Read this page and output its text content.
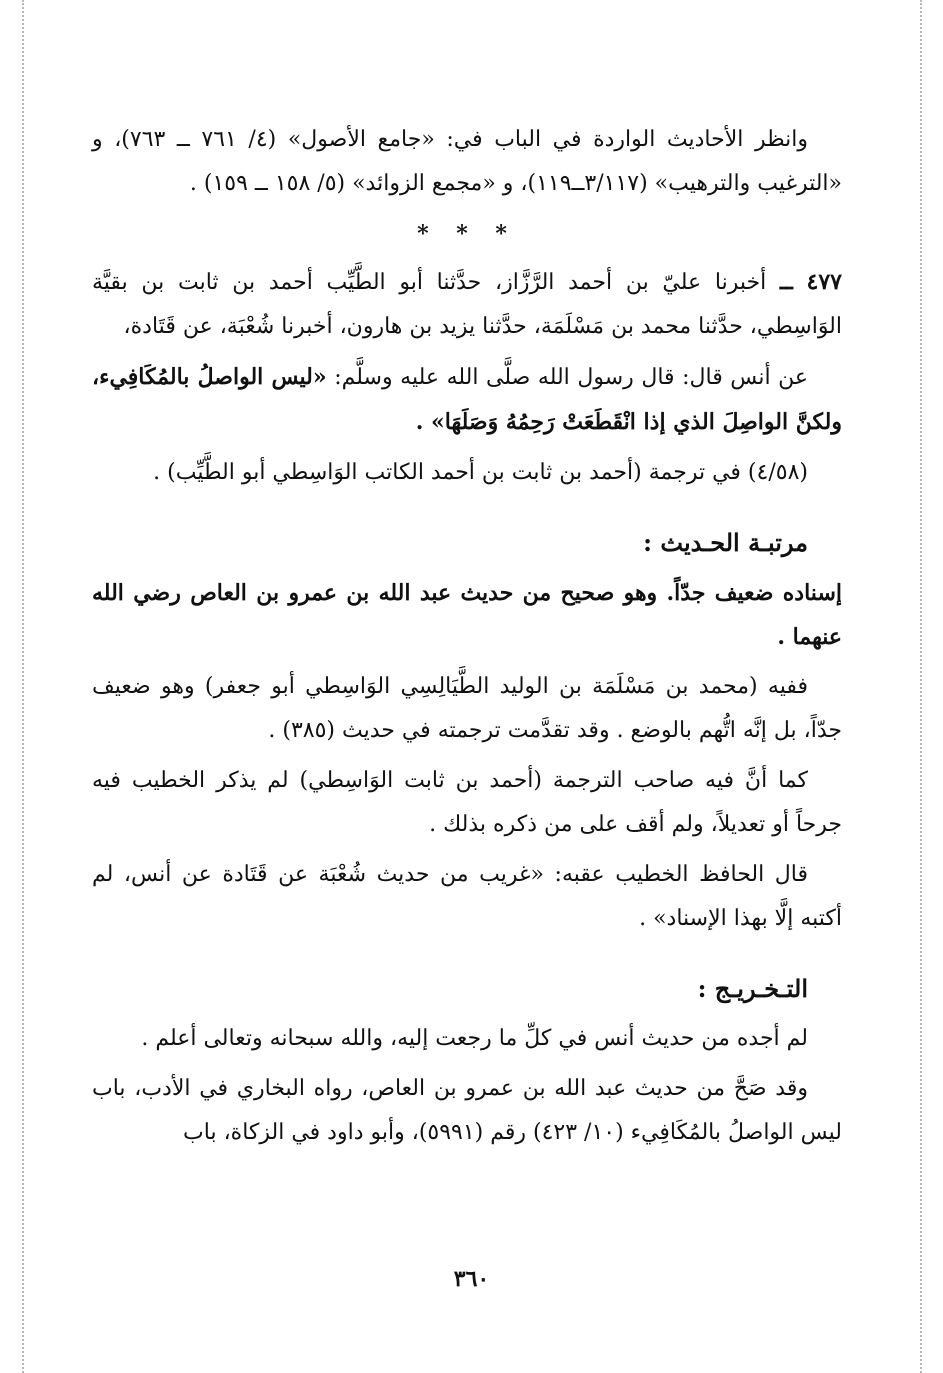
وانظر الأحاديث الواردة في الباب في: «جامع الأصول» (٤/ ٧٦١ ــ ٧٦٣)، و «الترغيب والترهيب» (٣/١١٧ــ١١٩)، و «مجمع الزوائد» (٥/ ١٥٨ ــ ١٥٩) .

* * *

٤٧٧ ــ أخبرنا عليّ بن أحمد الرَّزَّاز، حدَّثنا أبو الطَّيِّب أحمد بن ثابت بن بقيَّة الوَاسِطي، حدَّثنا محمد بن مَسْلَمَة، حدَّثنا يزيد بن هارون، أخبرنا شُعْبَة، عن قَتَادة،

عن أنس قال: قال رسول الله صلَّى الله عليه وسلَّم: «ليس الواصلُ بالمُكَافِيء، ولكنَّ الواصِلَ الذي إذا انْقَطَعَتْ رَحِمُهُ وَصَلَهَا» .

(٤/٥٨) في ترجمة (أحمد بن ثابت بن أحمد الكاتب الوَاسِطي أبو الطَّيِّب) .

مرتبـة الحـديث :

إسناده ضعيف جدّاً. وهو صحيح من حديث عبد الله بن عمرو بن العاص رضي الله عنهما .

ففيه (محمد بن مَسْلَمَة بن الوليد الطَّيَالِسِي الوَاسِطي أبو جعفر) وهو ضعيف جدّاً، بل إنَّه اتُّهم بالوضع . وقد تقدَّمت ترجمته في حديث (٣٨٥) .

كما أنَّ فيه صاحب الترجمة (أحمد بن ثابت الوَاسِطي) لم يذكر الخطيب فيه جرحاً أو تعديلاً، ولم أقف على من ذكره بذلك .

قال الحافظ الخطيب عقبه: «غريب من حديث شُعْبَة عن قَتَادة عن أنس، لم أكتبه إلَّا بهذا الإسناد» .

التـخـريـج :

لم أجده من حديث أنس في كلِّ ما رجعت إليه، والله سبحانه وتعالى أعلم .

وقد صَحَّ من حديث عبد الله بن عمرو بن العاص، رواه البخاري في الأدب، باب ليس الواصلُ بالمُكَافِيء (١٠/ ٤٢٣) رقم (٥٩٩١)، وأبو داود في الزكاة، باب

٣٦٠
